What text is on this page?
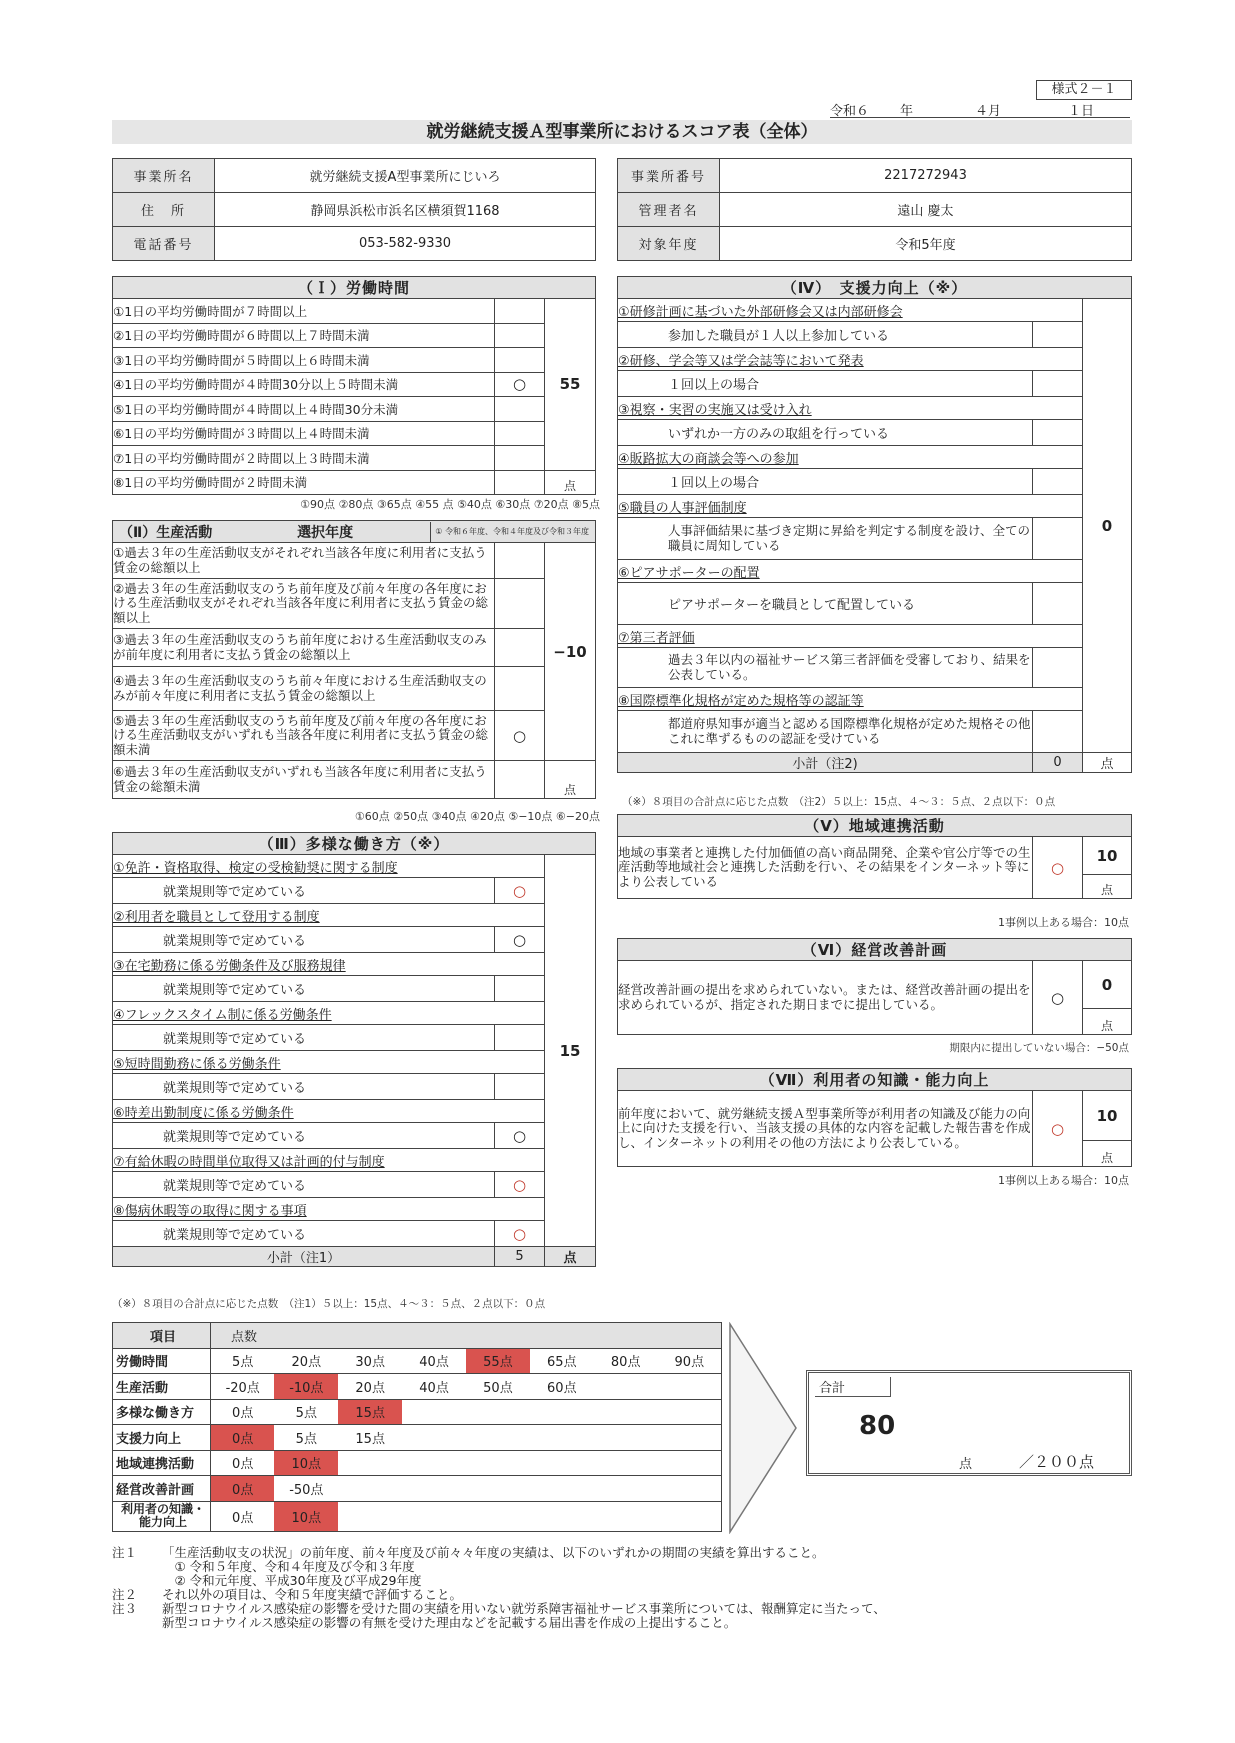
様式２－１
令和６ 年	４月	１日
就労継続支援Ａ型事業所におけるスコア表（全体）
事業所名	就労継続支援A型事業所にじいろ
住　所	静岡県浜松市浜名区横須賀1168
電話番号	053-582-9330
事業所番号	2217272943
管理者名	遠山 慶太
対象年度	令和5年度
（Ｉ）労働時間		
①1日の平均労働時間が７時間以上		55
②1日の平均労働時間が６時間以上７時間未満		
③1日の平均労働時間が５時間以上６時間未満		
④1日の平均労働時間が４時間30分以上５時間未満	○	
⑤1日の平均労働時間が４時間以上４時間30分未満		
⑥1日の平均労働時間が３時間以上４時間未満		
⑦1日の平均労働時間が２時間以上３時間未満		
⑧1日の平均労働時間が２時間未満		点
①90点 ②80点 ③65点 ④55 点 ⑤40点 ⑥30点 ⑦20点 ⑧5点
（Ⅱ）生産活動 選択年度 ① 令和６年度、令和４年度及び令和３年度		

①過去３年の生産活動収支がそれぞれ当該各年度に利用者に支払う賃金の総額以上		−10
②過去３年の生産活動収支のうち前年度及び前々年度の各年度における生産活動収支がそれぞれ当該各年度に利用者に支払う賃金の総額以上		
③過去３年の生産活動収支のうち前年度における生産活動収支のみが前年度に利用者に支払う賃金の総額以上		
④過去３年の生産活動収支のうち前々年度における生産活動収支のみが前々年度に利用者に支払う賃金の総額以上		
⑤過去３年の生産活動収支のうち前年度及び前々年度の各年度における生産活動収支がいずれも当該各年度に利用者に支払う賃金の総額未満	○	
⑥過去３年の生産活動収支がいずれも当該各年度に利用者に支払う賃金の総額未満		点
①60点 ②50点 ③40点 ④20点 ⑤−10点 ⑥−20点
（Ⅲ）多様な働き方（※）		
①免許・資格取得、検定の受検勧奨に関する制度		15
就業規則等で定めている	○	
②利用者を職員として登用する制度		
就業規則等で定めている	○	
③在宅勤務に係る労働条件及び服務規律		
就業規則等で定めている		
④フレックスタイム制に係る労働条件		
就業規則等で定めている		
⑤短時間勤務に係る労働条件		
就業規則等で定めている		
⑥時差出勤制度に係る労働条件		
就業規則等で定めている	○	
⑦有給休暇の時間単位取得又は計画的付与制度		
就業規則等で定めている	○	
⑧傷病休暇等の取得に関する事項		
就業規則等で定めている	○	
小計（注1）	5	点
（※）８項目の合計点に応じた点数　（注1）５以上：15点、４〜３：５点、２点以下：０点
（Ⅳ）　支援力向上（※）		
①研修計画に基づいた外部研修会又は内部研修会		0
参加した職員が１人以上参加している		
②研修、学会等又は学会誌等において発表		
１回以上の場合		
③視察・実習の実施又は受け入れ		
いずれか一方のみの取組を行っている		
④販路拡大の商談会等への参加		
１回以上の場合		
⑤職員の人事評価制度		
人事評価結果に基づき定期に昇給を判定する制度を設け、全ての職員に周知している		
⑥ピアサポーターの配置		
ピアサポーターを職員として配置している		
⑦第三者評価		
過去３年以内の福祉サービス第三者評価を受審しており、結果を公表している。		
⑧国際標準化規格が定めた規格等の認証等		
都道府県知事が適当と認める国際標準化規格が定めた規格その他これに準ずるものの認証を受けている		
小計（注2)	0	点
（※）８項目の合計点に応じた点数　（注2）５以上：15点、４〜３：５点、２点以下：０点
（Ⅴ）地域連携活動
地域の事業者と連携した付加価値の高い商品開発、企業や官公庁等での生産活動等地域社会と連携した活動を行い、その結果をインターネット等により公表している	○	10
点
1事例以上ある場合：10点
（Ⅵ）経営改善計画
経営改善計画の提出を求められていない。または、経営改善計画の提出を求められているが、指定された期日までに提出している。	○	0
点
期限内に提出していない場合：−50点
（Ⅶ）利用者の知識・能力向上
前年度において、就労継続支援Ａ型事業所等が利用者の知識及び能力の向上に向けた支援を行い、当該支援の具体的な内容を記載した報告書を作成し、インターネットの利用その他の方法により公表している。	○	10
点
1事例以上ある場合：10点
項目	点数							
労働時間	5点	20点	30点	40点	55点	65点	80点	90点
生産活動	-20点	-10点	20点	40点	50点	60点		
多様な働き方	0点	5点	15点					
支援力向上	0点	5点	15点					
地域連携活動	0点	10点						
経営改善計画	0点	-50点						
利用者の知識・能力向上	0点	10点						
合計
80
点	／２００点
注１ 「生産活動収支の状況」の前年度、前々年度及び前々々年度の実績は、以下のいずれかの期間の実績を算出すること。
　① 令和５年度、令和４年度及び令和３年度
　② 令和元年度、平成30年度及び平成29年度
注２ それ以外の項目は、令和５年度実績で評価すること。
注３ 新型コロナウイルス感染症の影響を受けた間の実績を用いない就労系障害福祉サービス事業所については、報酬算定に当たって、
新型コロナウイルス感染症の影響の有無を受けた理由などを記載する届出書を作成の上提出すること。
